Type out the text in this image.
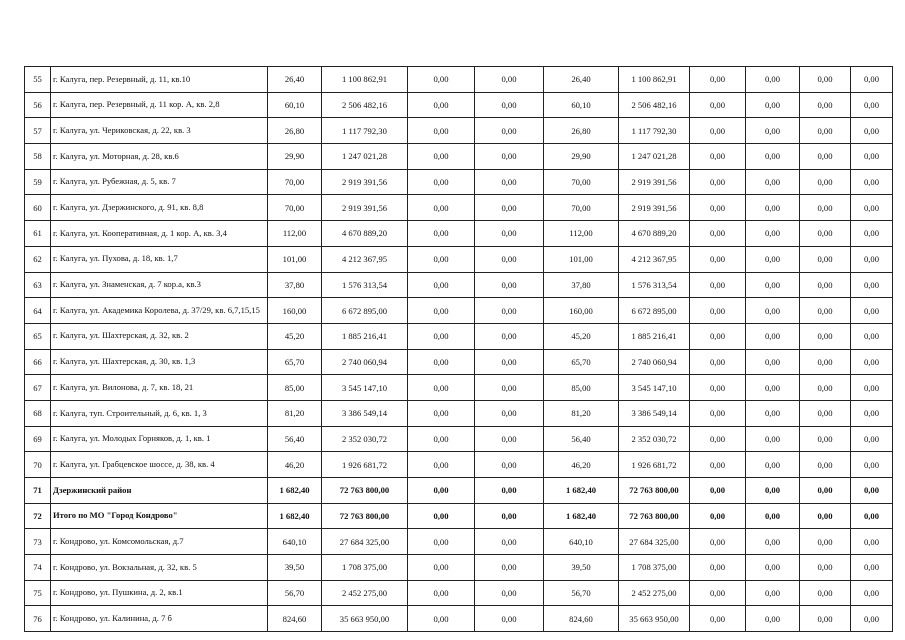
55	г. Калуга, пер. Резервный, д. 11, кв.10	26,40	1 100 862,91	0,00	0,00	26,40	1 100 862,91	0,00	0,00	0,00	0,00
56	г. Калуга, пер. Резервный, д. 11 кор. А, кв. 2,8	60,10	2 506 482,16	0,00	0,00	60,10	2 506 482,16	0,00	0,00	0,00	0,00
57	г. Калуга, ул. Чериковская, д. 22, кв. 3	26,80	1 117 792,30	0,00	0,00	26,80	1 117 792,30	0,00	0,00	0,00	0,00
58	г. Калуга, ул. Моторная, д. 28, кв.6	29,90	1 247 021,28	0,00	0,00	29,90	1 247 021,28	0,00	0,00	0,00	0,00
59	г. Калуга, ул. Рубежная, д. 5, кв. 7	70,00	2 919 391,56	0,00	0,00	70,00	2 919 391,56	0,00	0,00	0,00	0,00
60	г. Калуга, ул. Дзержинского, д. 91, кв. 8,8	70,00	2 919 391,56	0,00	0,00	70,00	2 919 391,56	0,00	0,00	0,00	0,00
61	г. Калуга, ул. Кооперативная, д. 1 кор. А, кв. 3,4	112,00	4 670 889,20	0,00	0,00	112,00	4 670 889,20	0,00	0,00	0,00	0,00
62	г. Калуга, ул. Пухова, д. 18, кв. 1,7	101,00	4 212 367,95	0,00	0,00	101,00	4 212 367,95	0,00	0,00	0,00	0,00
63	г. Калуга, ул. Знаменская, д. 7 кор.а, кв.3	37,80	1 576 313,54	0,00	0,00	37,80	1 576 313,54	0,00	0,00	0,00	0,00
64	г. Калуга, ул. Академика Королева, д. 37/29, кв. 6,7,15,15	160,00	6 672 895,00	0,00	0,00	160,00	6 672 895,00	0,00	0,00	0,00	0,00
65	г. Калуга, ул. Шахтерская, д. 32, кв. 2	45,20	1 885 216,41	0,00	0,00	45,20	1 885 216,41	0,00	0,00	0,00	0,00
66	г. Калуга, ул. Шахтерская, д. 30, кв. 1,3	65,70	2 740 060,94	0,00	0,00	65,70	2 740 060,94	0,00	0,00	0,00	0,00
67	г. Калуга, ул. Вилонова, д. 7, кв. 18, 21	85,00	3 545 147,10	0,00	0,00	85,00	3 545 147,10	0,00	0,00	0,00	0,00
68	г. Калуга, туп. Строительный, д. 6, кв. 1, 3	81,20	3 386 549,14	0,00	0,00	81,20	3 386 549,14	0,00	0,00	0,00	0,00
69	г. Калуга, ул. Молодых Горняков, д. 1, кв. 1	56,40	2 352 030,72	0,00	0,00	56,40	2 352 030,72	0,00	0,00	0,00	0,00
70	г. Калуга, ул. Грабцевское шоссе, д. 38, кв. 4	46,20	1 926 681,72	0,00	0,00	46,20	1 926 681,72	0,00	0,00	0,00	0,00
71	Дзержинский район	1 682,40	72 763 800,00	0,00	0,00	1 682,40	72 763 800,00	0,00	0,00	0,00	0,00
72	Итого по МО "Город Кондрово"	1 682,40	72 763 800,00	0,00	0,00	1 682,40	72 763 800,00	0,00	0,00	0,00	0,00
73	г. Кондрово, ул. Комсомольская, д.7	640,10	27 684 325,00	0,00	0,00	640,10	27 684 325,00	0,00	0,00	0,00	0,00
74	г. Кондрово, ул. Вокзальная, д. 32, кв. 5	39,50	1 708 375,00	0,00	0,00	39,50	1 708 375,00	0,00	0,00	0,00	0,00
75	г. Кондрово, ул. Пушкина, д. 2, кв.1	56,70	2 452 275,00	0,00	0,00	56,70	2 452 275,00	0,00	0,00	0,00	0,00
76	г. Кондрово, ул. Калинина, д. 7 б	824,60	35 663 950,00	0,00	0,00	824,60	35 663 950,00	0,00	0,00	0,00	0,00
